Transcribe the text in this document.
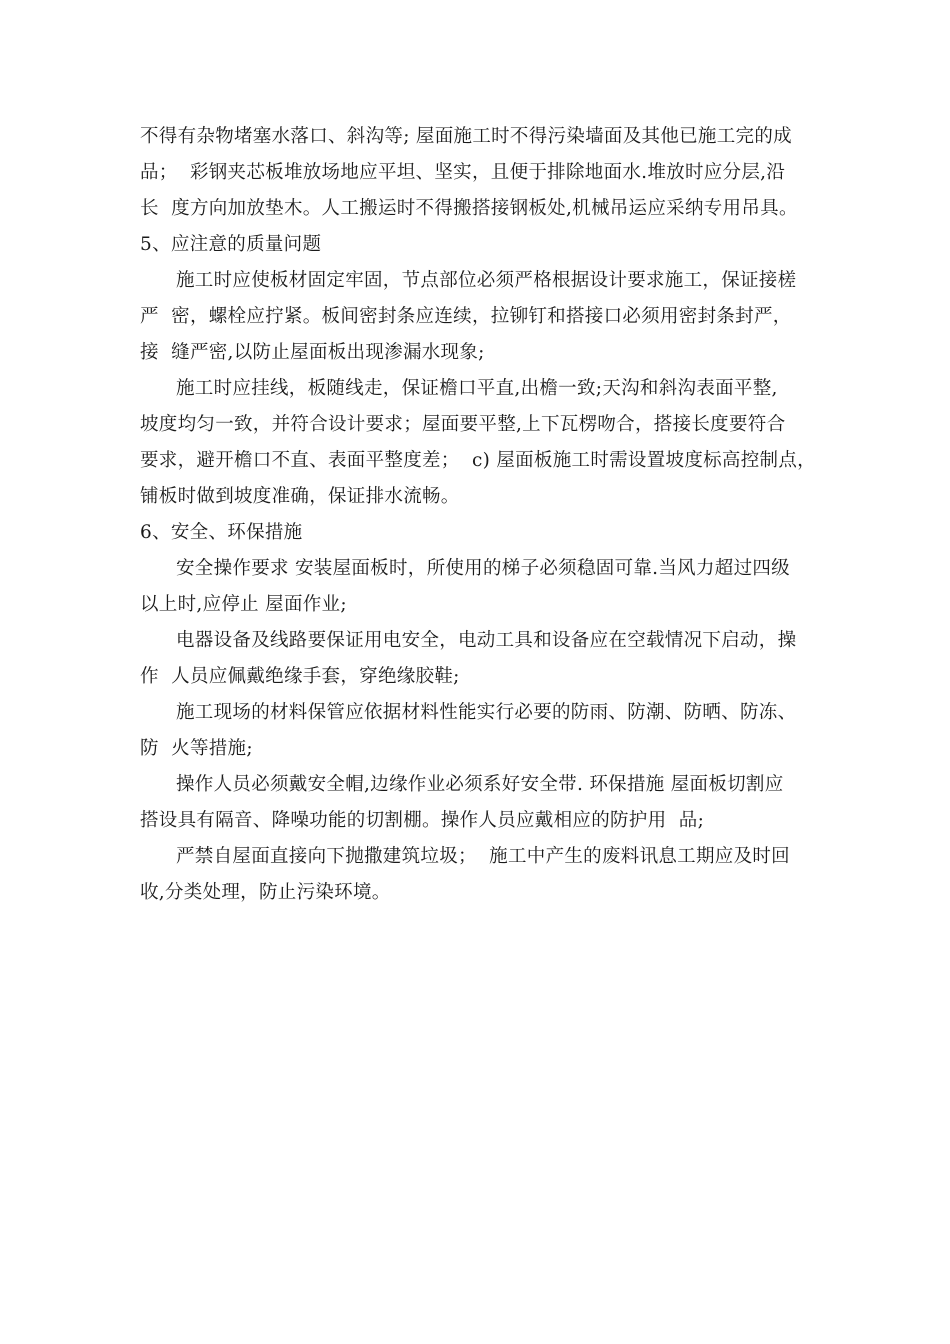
不得有杂物堵塞水落口、斜沟等; 屋面施工时不得污染墙面及其他已施工完的成
品；  彩钢夹芯板堆放场地应平坦、坚实，且便于排除地面水.堆放时应分层,沿
长  度方向加放垫木。人工搬运时不得搬搭接钢板处,机械吊运应采纳专用吊具。
5、应注意的质量问题
施工时应使板材固定牢固，节点部位必须严格根据设计要求施工，保证接槎
严  密，螺栓应拧紧。板间密封条应连续，拉铆钉和搭接口必须用密封条封严，
接  缝严密,以防止屋面板出现渗漏水现象;
施工时应挂线，板随线走，保证檐口平直,出檐一致;天沟和斜沟表面平整,
坡度均匀一致，并符合设计要求；屋面要平整,上下瓦楞吻合，搭接长度要符合
要求，避开檐口不直、表面平整度差；  c) 屋面板施工时需设置坡度标高控制点，
铺板时做到坡度准确，保证排水流畅。
6、安全、环保措施
安全操作要求 安装屋面板时，所使用的梯子必须稳固可靠.当风力超过四级
以上时,应停止 屋面作业;
电器设备及线路要保证用电安全，电动工具和设备应在空载情况下启动，操
作  人员应佩戴绝缘手套，穿绝缘胶鞋;
施工现场的材料保管应依据材料性能实行必要的防雨、防潮、防晒、防冻、
防  火等措施;
操作人员必须戴安全帽,边缘作业必须系好安全带. 环保措施 屋面板切割应
搭设具有隔音、降噪功能的切割棚。操作人员应戴相应的防护用  品;
严禁自屋面直接向下抛撒建筑垃圾；  施工中产生的废料讯息工期应及时回
收,分类处理，防止污染环境。
